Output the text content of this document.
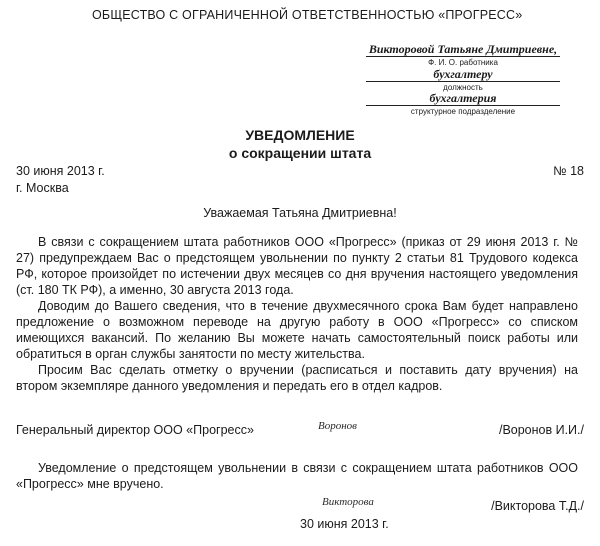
ОБЩЕСТВО С ОГРАНИЧЕННОЙ ОТВЕТСТВЕННОСТЬЮ «ПРОГРЕСС»
Викторовой Татьяне Дмитриевне,
Ф. И. О. работника
бухгалтеру
должность
бухгалтерия
структурное подразделение
УВЕДОМЛЕНИЕ
о сокращении штата
30 июня 2013 г.	№ 18
г. Москва
Уважаемая Татьяна Дмитриевна!
В связи с сокращением штата работников ООО «Прогресс» (приказ от 29 июня 2013 г. № 27) предупреждаем Вас о предстоящем увольнении по пункту 2 статьи 81 Трудового кодекса РФ, которое произойдет по истечении двух месяцев со дня вручения настоящего уведомления (ст. 180 ТК РФ), а именно, 30 августа 2013 года.
Доводим до Вашего сведения, что в течение двухмесячного срока Вам будет направлено предложение о возможном переводе на другую работу в ООО «Прогресс» со списком имеющихся вакансий. По желанию Вы можете начать самостоятельный поиск работы или обратиться в орган службы занятости по месту жительства.
Просим Вас сделать отметку о вручении (расписаться и поставить дату вручения) на втором экземпляре данного уведомления и передать его в отдел кадров.
Генеральный директор ООО «Прогресс»	Воронов	/Воронов И.И./
Уведомление о предстоящем увольнении в связи с сокращением штата работников ООО «Прогресс» мне вручено.
Викторова	/Викторова Т.Д./
30 июня 2013 г.
